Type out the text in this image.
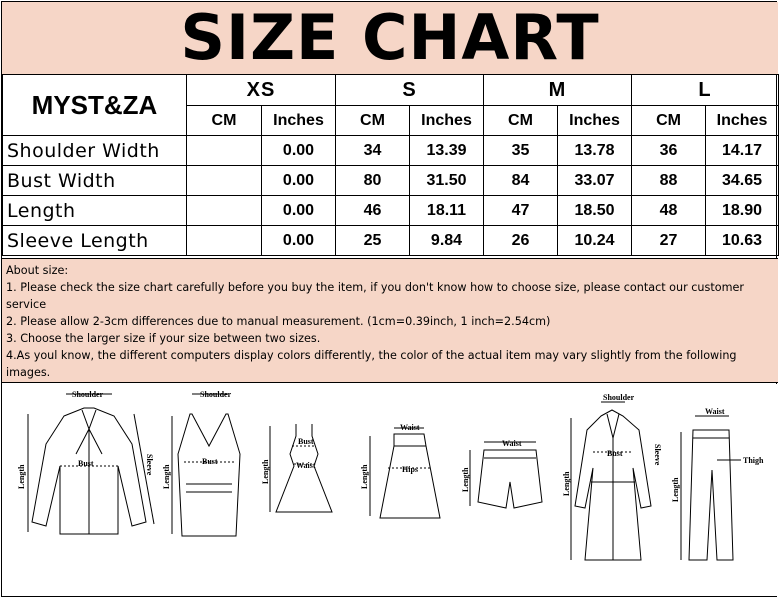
SIZE CHART
MYST&ZA	XS		S		M		L	
	CM	Inches	CM	Inches	CM	Inches	CM	Inches
Shoulder Width		0.00	34	13.39	35	13.78	36	14.17
Bust Width		0.00	80	31.50	84	33.07	88	34.65
Length		0.00	46	18.11	47	18.50	48	18.90
Sleeve Length		0.00	25	9.84	26	10.24	27	10.63
About size:
1. Please check the size chart carefully before you buy the item, if you don't know how to choose size, please contact our customer service
2. Please allow 2-3cm differences due to manual measurement. (1cm=0.39inch, 1 inch=2.54cm)
3. Choose the larger size if your size between two sizes.
4.As youl know, the different computers display colors differently, the color of the actual item may vary slightly from the following images.
Shoulder
Bust
Length	Sleeve
Shoulder
Bust
Length
Bust
Waist
Length
Waist
Hips
Length
Waist
Length
Shoulder
Bust
Length
Sleeve
Waist
Thigh
Length
